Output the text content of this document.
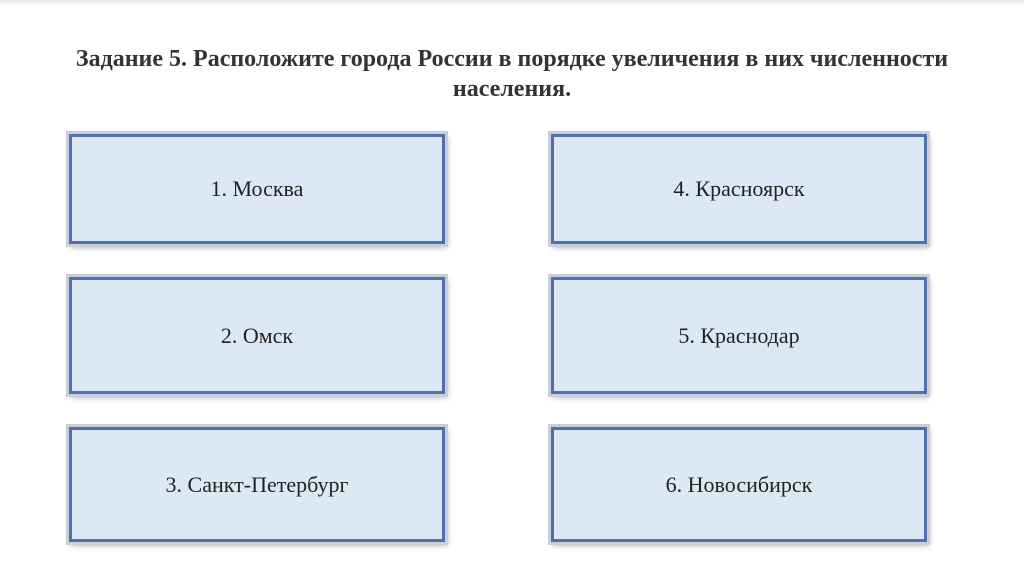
Задание 5. Расположите города России в порядке увеличения в них численности населения.
1. Москва
2. Омск
3. Санкт-Петербург
4. Красноярск
5. Краснодар
6. Новосибирск
